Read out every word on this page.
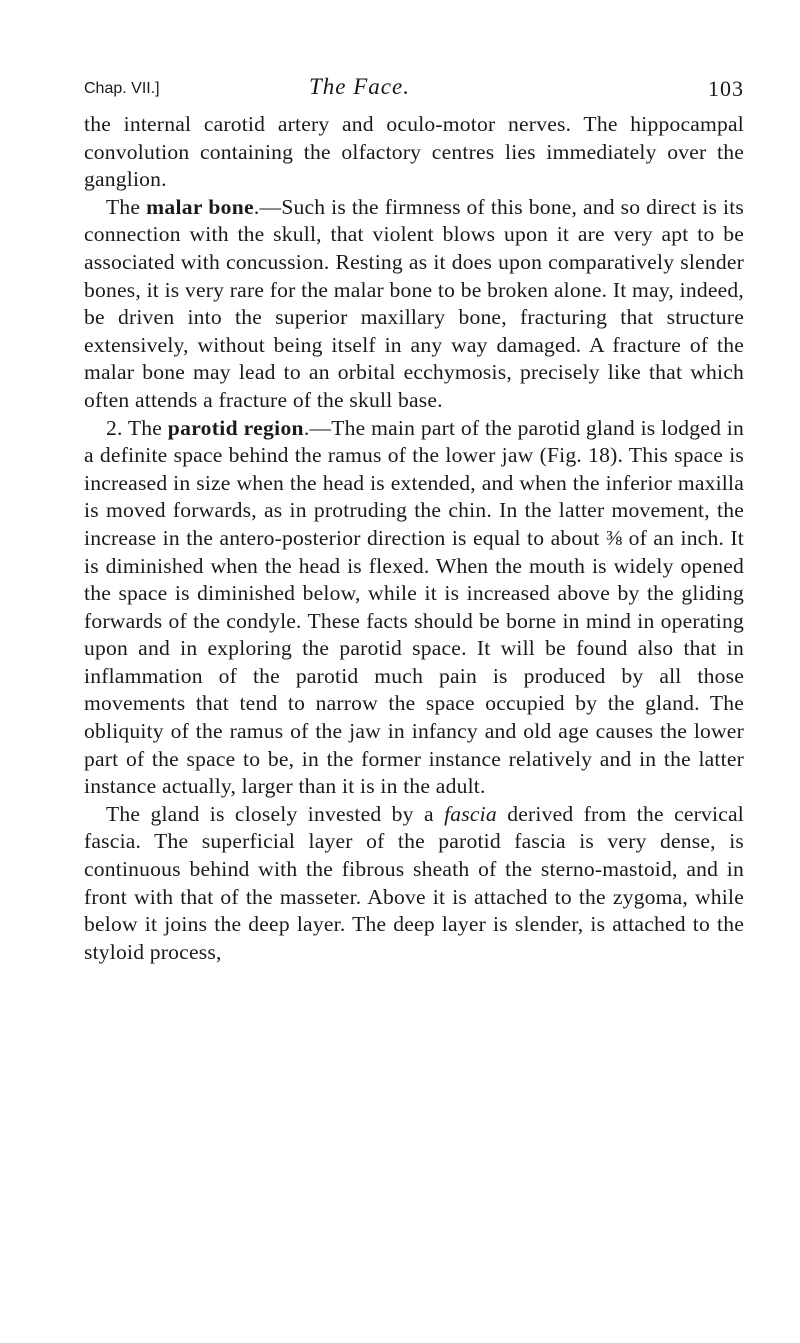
Chap. VII.]	The Face.	103

the internal carotid artery and oculo-motor nerves. The hippocampal convolution containing the olfactory centres lies immediately over the ganglion.

The malar bone.—Such is the firmness of this bone, and so direct is its connection with the skull, that violent blows upon it are very apt to be associated with concussion. Resting as it does upon comparatively slender bones, it is very rare for the malar bone to be broken alone. It may, indeed, be driven into the superior maxillary bone, fracturing that structure extensively, without being itself in any way damaged. A fracture of the malar bone may lead to an orbital ecchymosis, precisely like that which often attends a fracture of the skull base.

2. The parotid region.—The main part of the parotid gland is lodged in a definite space behind the ramus of the lower jaw (Fig. 18). This space is increased in size when the head is extended, and when the inferior maxilla is moved forwards, as in protruding the chin. In the latter movement, the increase in the antero-posterior direction is equal to about ⅜ of an inch. It is diminished when the head is flexed. When the mouth is widely opened the space is diminished below, while it is increased above by the gliding forwards of the condyle. These facts should be borne in mind in operating upon and in exploring the parotid space. It will be found also that in inflammation of the parotid much pain is produced by all those movements that tend to narrow the space occupied by the gland. The obliquity of the ramus of the jaw in infancy and old age causes the lower part of the space to be, in the former instance relatively and in the latter instance actually, larger than it is in the adult.

The gland is closely invested by a fascia derived from the cervical fascia. The superficial layer of the parotid fascia is very dense, is continuous behind with the fibrous sheath of the sterno-mastoid, and in front with that of the masseter. Above it is attached to the zygoma, while below it joins the deep layer. The deep layer is slender, is attached to the styloid process,
